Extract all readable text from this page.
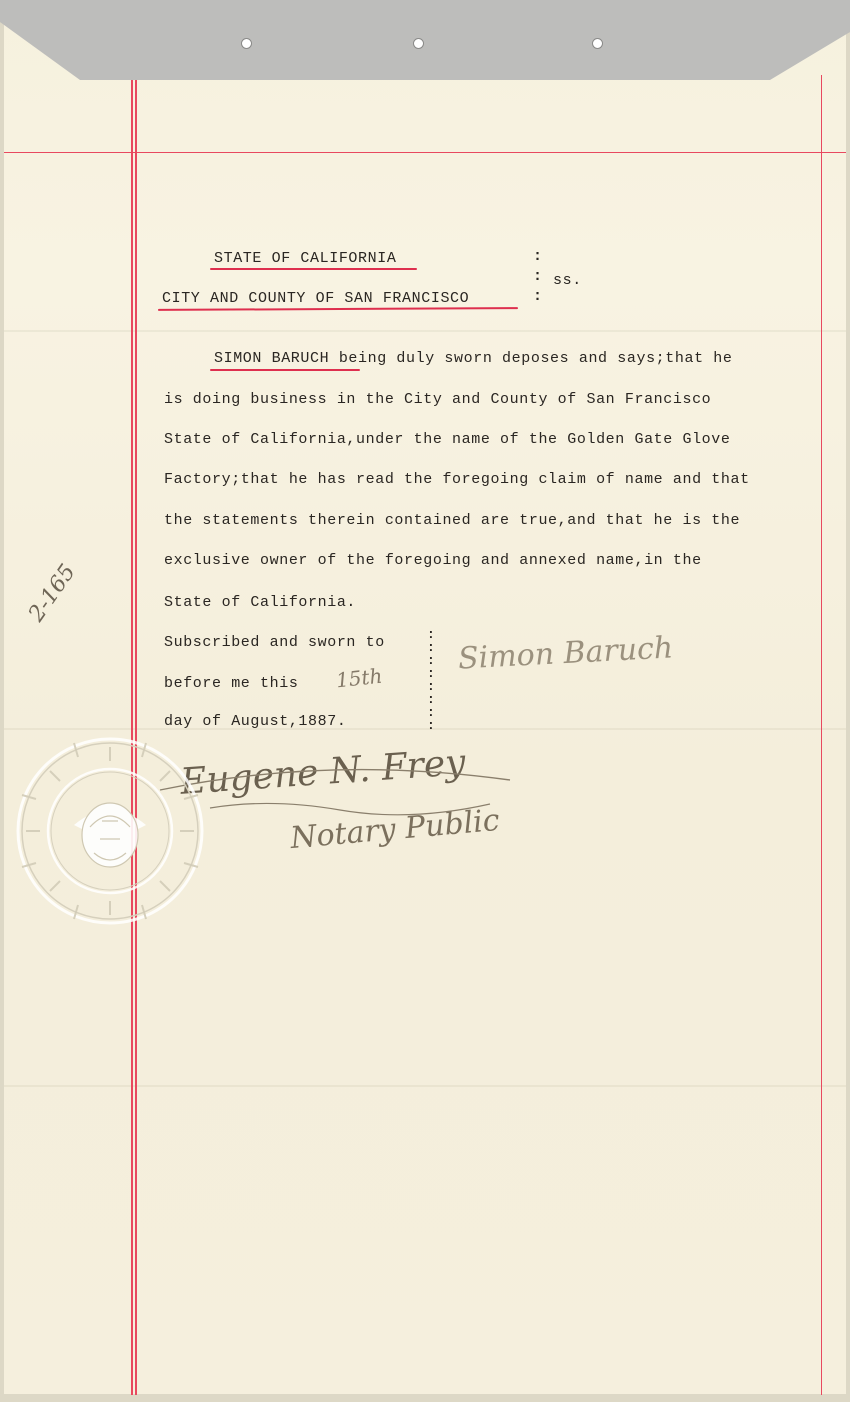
STATE OF CALIFORNIA
CITY AND COUNTY OF SAN FRANCISCO
:
:
:
ss.
SIMON BARUCH being duly sworn deposes and says;that he
is doing business in the City and County of San Francisco
State of California,under the name of the Golden Gate Glove
Factory;that he has read the foregoing claim of name and that
the statements therein contained are true,and that he is the
exclusive owner of the foregoing and annexed name,in the
State of California.
Subscribed and sworn to
before me this 15th
day of August,1887.
:
:
:
:
:
:
:
:
Simon Baruch
Eugene N. Frey
Notary Public
2-165
